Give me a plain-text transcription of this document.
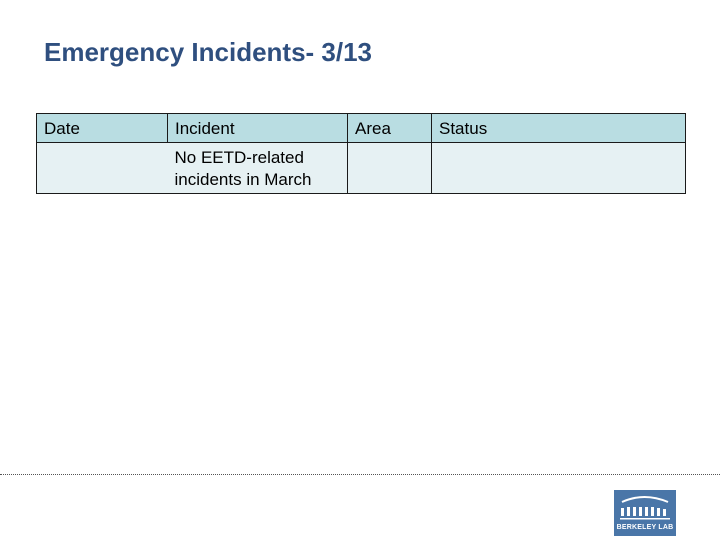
Emergency Incidents- 3/13
Date	Incident	Area	Status
	No EETD-related incidents in March		
BERKELEY LAB
